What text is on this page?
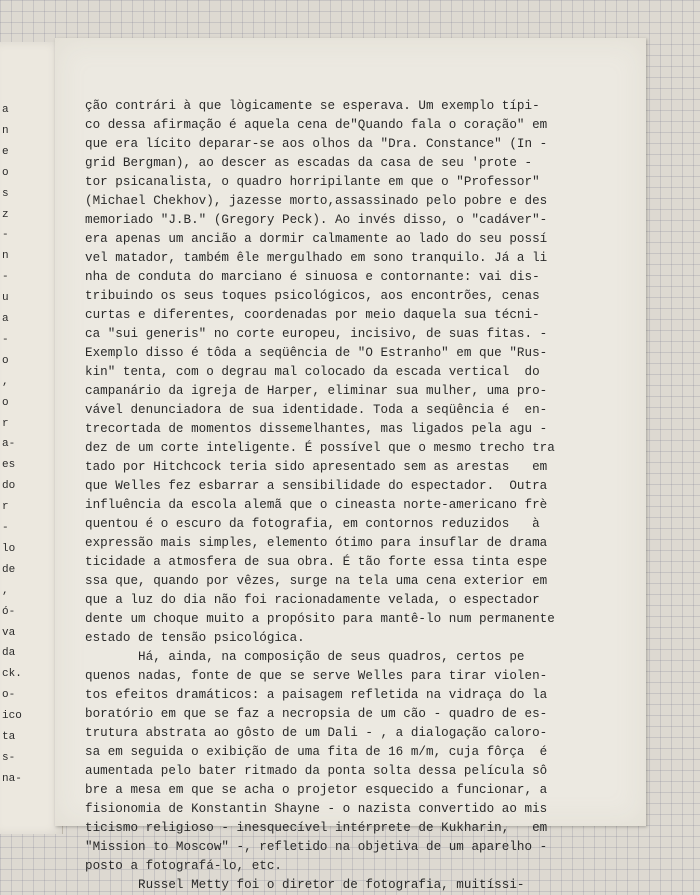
a
n
e
o
s
z
-
n
-
u
a
-
o
,
o
r
a-
es
do
r
-
lo
de
,
ó-
va
da
ck.
o-
ico
ta
s-
na-
ção contrári à que lògicamente se esperava. Um exemplo típi-
co dessa afirmação é aquela cena de"Quando fala o coração" em
que era lícito deparar-se aos olhos da "Dra. Constance" (In -
grid Bergman), ao descer as escadas da casa de seu 'prote -
tor psicanalista, o quadro horripilante em que o "Professor"
(Michael Chekhov), jazesse morto,assassinado pelo pobre e des
memoriado "J.B." (Gregory Peck). Ao invés disso, o "cadáver"-
era apenas um ancião a dormir calmamente ao lado do seu possí
vel matador, também êle mergulhado em sono tranquilo. Já a li
nha de conduta do marciano é sinuosa e contornante: vai dis-
tribuindo os seus toques psicológicos, aos encontrões, cenas
curtas e diferentes, coordenadas por meio daquela sua técni-
ca "sui generis" no corte europeu, incisivo, de suas fitas. -
Exemplo disso é tôda a seqüência de "O Estranho" em que "Rus-
kin" tenta, com o degrau mal colocado da escada vertical  do
campanário da igreja de Harper, eliminar sua mulher, uma pro-
vável denunciadora de sua identidade. Toda a seqüência é  en-
trecortada de momentos dissemelhantes, mas ligados pela agu -
dez de um corte inteligente. É possível que o mesmo trecho tra
tado por Hitchcock teria sido apresentado sem as arestas   em
que Welles fez esbarrar a sensibilidade do espectador.  Outra
influência da escola alemã que o cineasta norte-americano frè
quentou é o escuro da fotografia, em contornos reduzidos   à
expressão mais simples, elemento ótimo para insuflar de drama
ticidade a atmosfera de sua obra. É tão forte essa tinta espe
ssa que, quando por vêzes, surge na tela uma cena exterior em
que a luz do dia não foi racionadamente velada, o espectador
dente um choque muito a propósito para mantê-lo num permanente
estado de tensão psicológica.
Há, ainda, na composição de seus quadros, certos pe
quenos nadas, fonte de que se serve Welles para tirar violen-
tos efeitos dramáticos: a paisagem refletida na vidraça do la
boratório em que se faz a necropsia de um cão - quadro de es-
trutura abstrata ao gôsto de um Dali - , a dialogação caloro-
sa em seguida o exibição de uma fita de 16 m/m, cuja fôrça  é
aumentada pelo bater ritmado da ponta solta dessa película sô
bre a mesa em que se acha o projetor esquecido a funcionar, a
fisionomia de Konstantin Shayne - o nazista convertido ao mis
ticismo religioso - inesquecível intérprete de Kukharin,   em
"Mission to Moscow" -, refletido na objetiva de um aparelho -
posto a fotografá-lo, etc.
Russel Metty foi o diretor de fotografia, muitíssi-
